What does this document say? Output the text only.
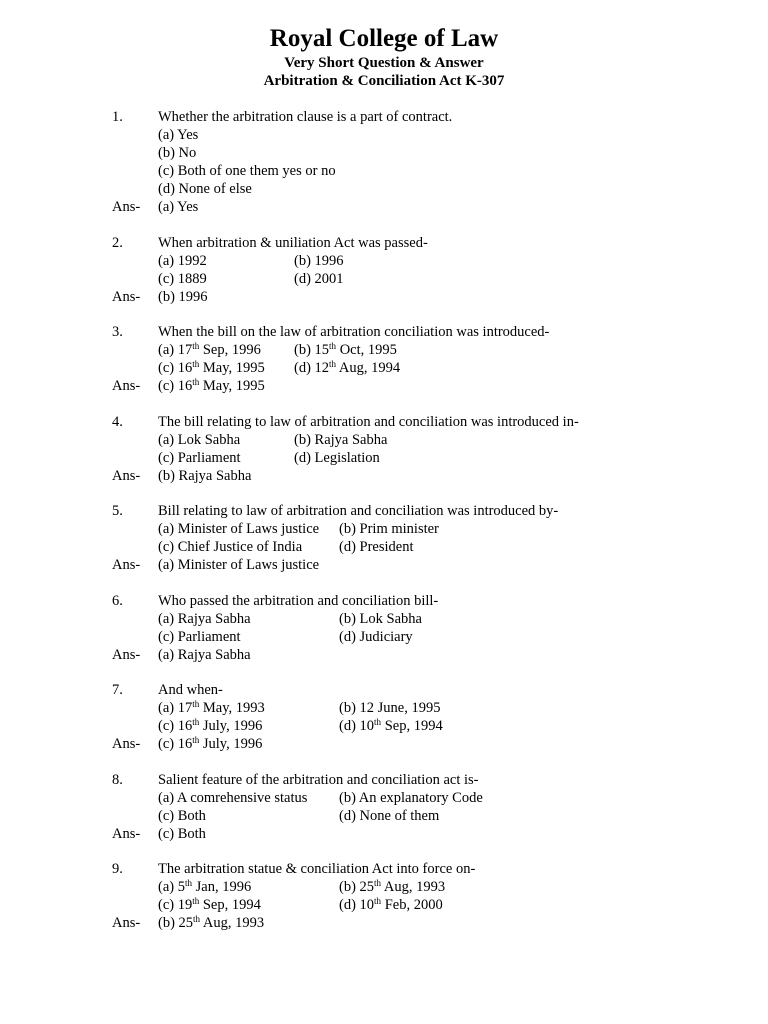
Royal College of Law
Very Short Question & Answer
Arbitration & Conciliation Act K-307
1.	Whether the arbitration clause is a part of contract.
(a) Yes
(b) No
(c) Both of one them yes or no
(d) None of else
Ans-	(a) Yes
2.	When arbitration & uniliation Act was passed-
(a) 1992	(b) 1996
(c) 1889	(d) 2001
Ans-	(b) 1996
3.	When the bill on the law of arbitration conciliation was introduced-
(a) 17th Sep, 1996	(b) 15th Oct, 1995
(c) 16th May, 1995	(d) 12th Aug, 1994
Ans-	(c) 16th May, 1995
4.	The bill relating to law of arbitration and conciliation was introduced in-
(a) Lok Sabha	(b) Rajya Sabha
(c) Parliament	(d) Legislation
Ans-	(b) Rajya Sabha
5.	Bill relating to law of arbitration and conciliation was introduced by-
(a) Minister of Laws justice	(b) Prim minister
(c) Chief Justice of India	(d) President
Ans-	(a) Minister of Laws justice
6.	Who passed the arbitration and conciliation bill-
(a) Rajya Sabha	(b) Lok Sabha
(c) Parliament	(d) Judiciary
Ans-	(a) Rajya Sabha
7.	And when-
(a) 17th May, 1993	(b) 12 June, 1995
(c) 16th July, 1996	(d) 10th Sep, 1994
Ans-	(c) 16th July, 1996
8.	Salient feature of the arbitration and conciliation act is-
(a) A comrehensive status	(b) An explanatory Code
(c) Both	(d) None of them
Ans-	(c) Both
9.	The arbitration statue & conciliation Act into force on-
(a) 5th Jan, 1996	(b) 25th Aug, 1993
(c) 19th Sep, 1994	(d) 10th Feb, 2000
Ans-	(b) 25th Aug, 1993
